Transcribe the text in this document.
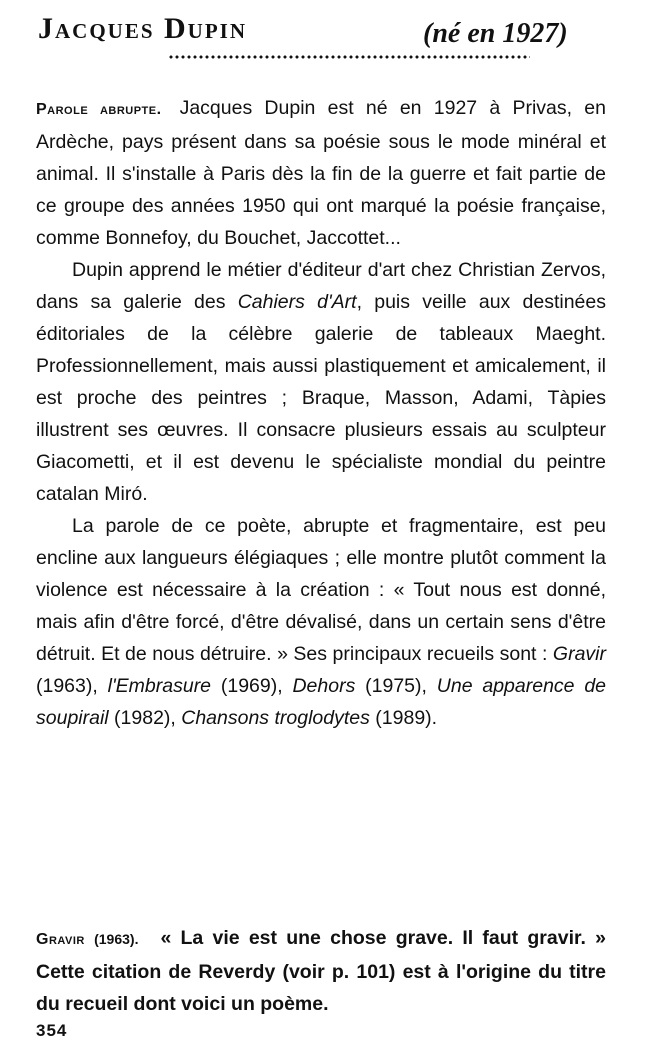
Jacques Dupin	(né en 1927)

Parole abrupte. Jacques Dupin est né en 1927 à Privas, en Ardèche, pays présent dans sa poésie sous le mode minéral et animal. Il s'installe à Paris dès la fin de la guerre et fait partie de ce groupe des années 1950 qui ont marqué la poésie française, comme Bonnefoy, du Bouchet, Jaccottet...

Dupin apprend le métier d'éditeur d'art chez Christian Zervos, dans sa galerie des Cahiers d'Art, puis veille aux destinées éditoriales de la célèbre galerie de tableaux Maeght. Professionnellement, mais aussi plastiquement et amicalement, il est proche des peintres ; Braque, Masson, Adami, Tàpies illustrent ses œuvres. Il consacre plusieurs essais au sculpteur Giacometti, et il est devenu le spécialiste mondial du peintre catalan Miró.

La parole de ce poète, abrupte et fragmentaire, est peu encline aux langueurs élégiaques ; elle montre plutôt comment la violence est nécessaire à la création : « Tout nous est donné, mais afin d'être forcé, d'être dévalisé, dans un certain sens d'être détruit. Et de nous détruire. » Ses principaux recueils sont : Gravir (1963), l'Embrasure (1969), Dehors (1975), Une apparence de soupirail (1982), Chansons troglodytes (1989).

Gravir (1963). « La vie est une chose grave. Il faut gravir. » Cette citation de Reverdy (voir p. 101) est à l'origine du titre du recueil dont voici un poème.

354
